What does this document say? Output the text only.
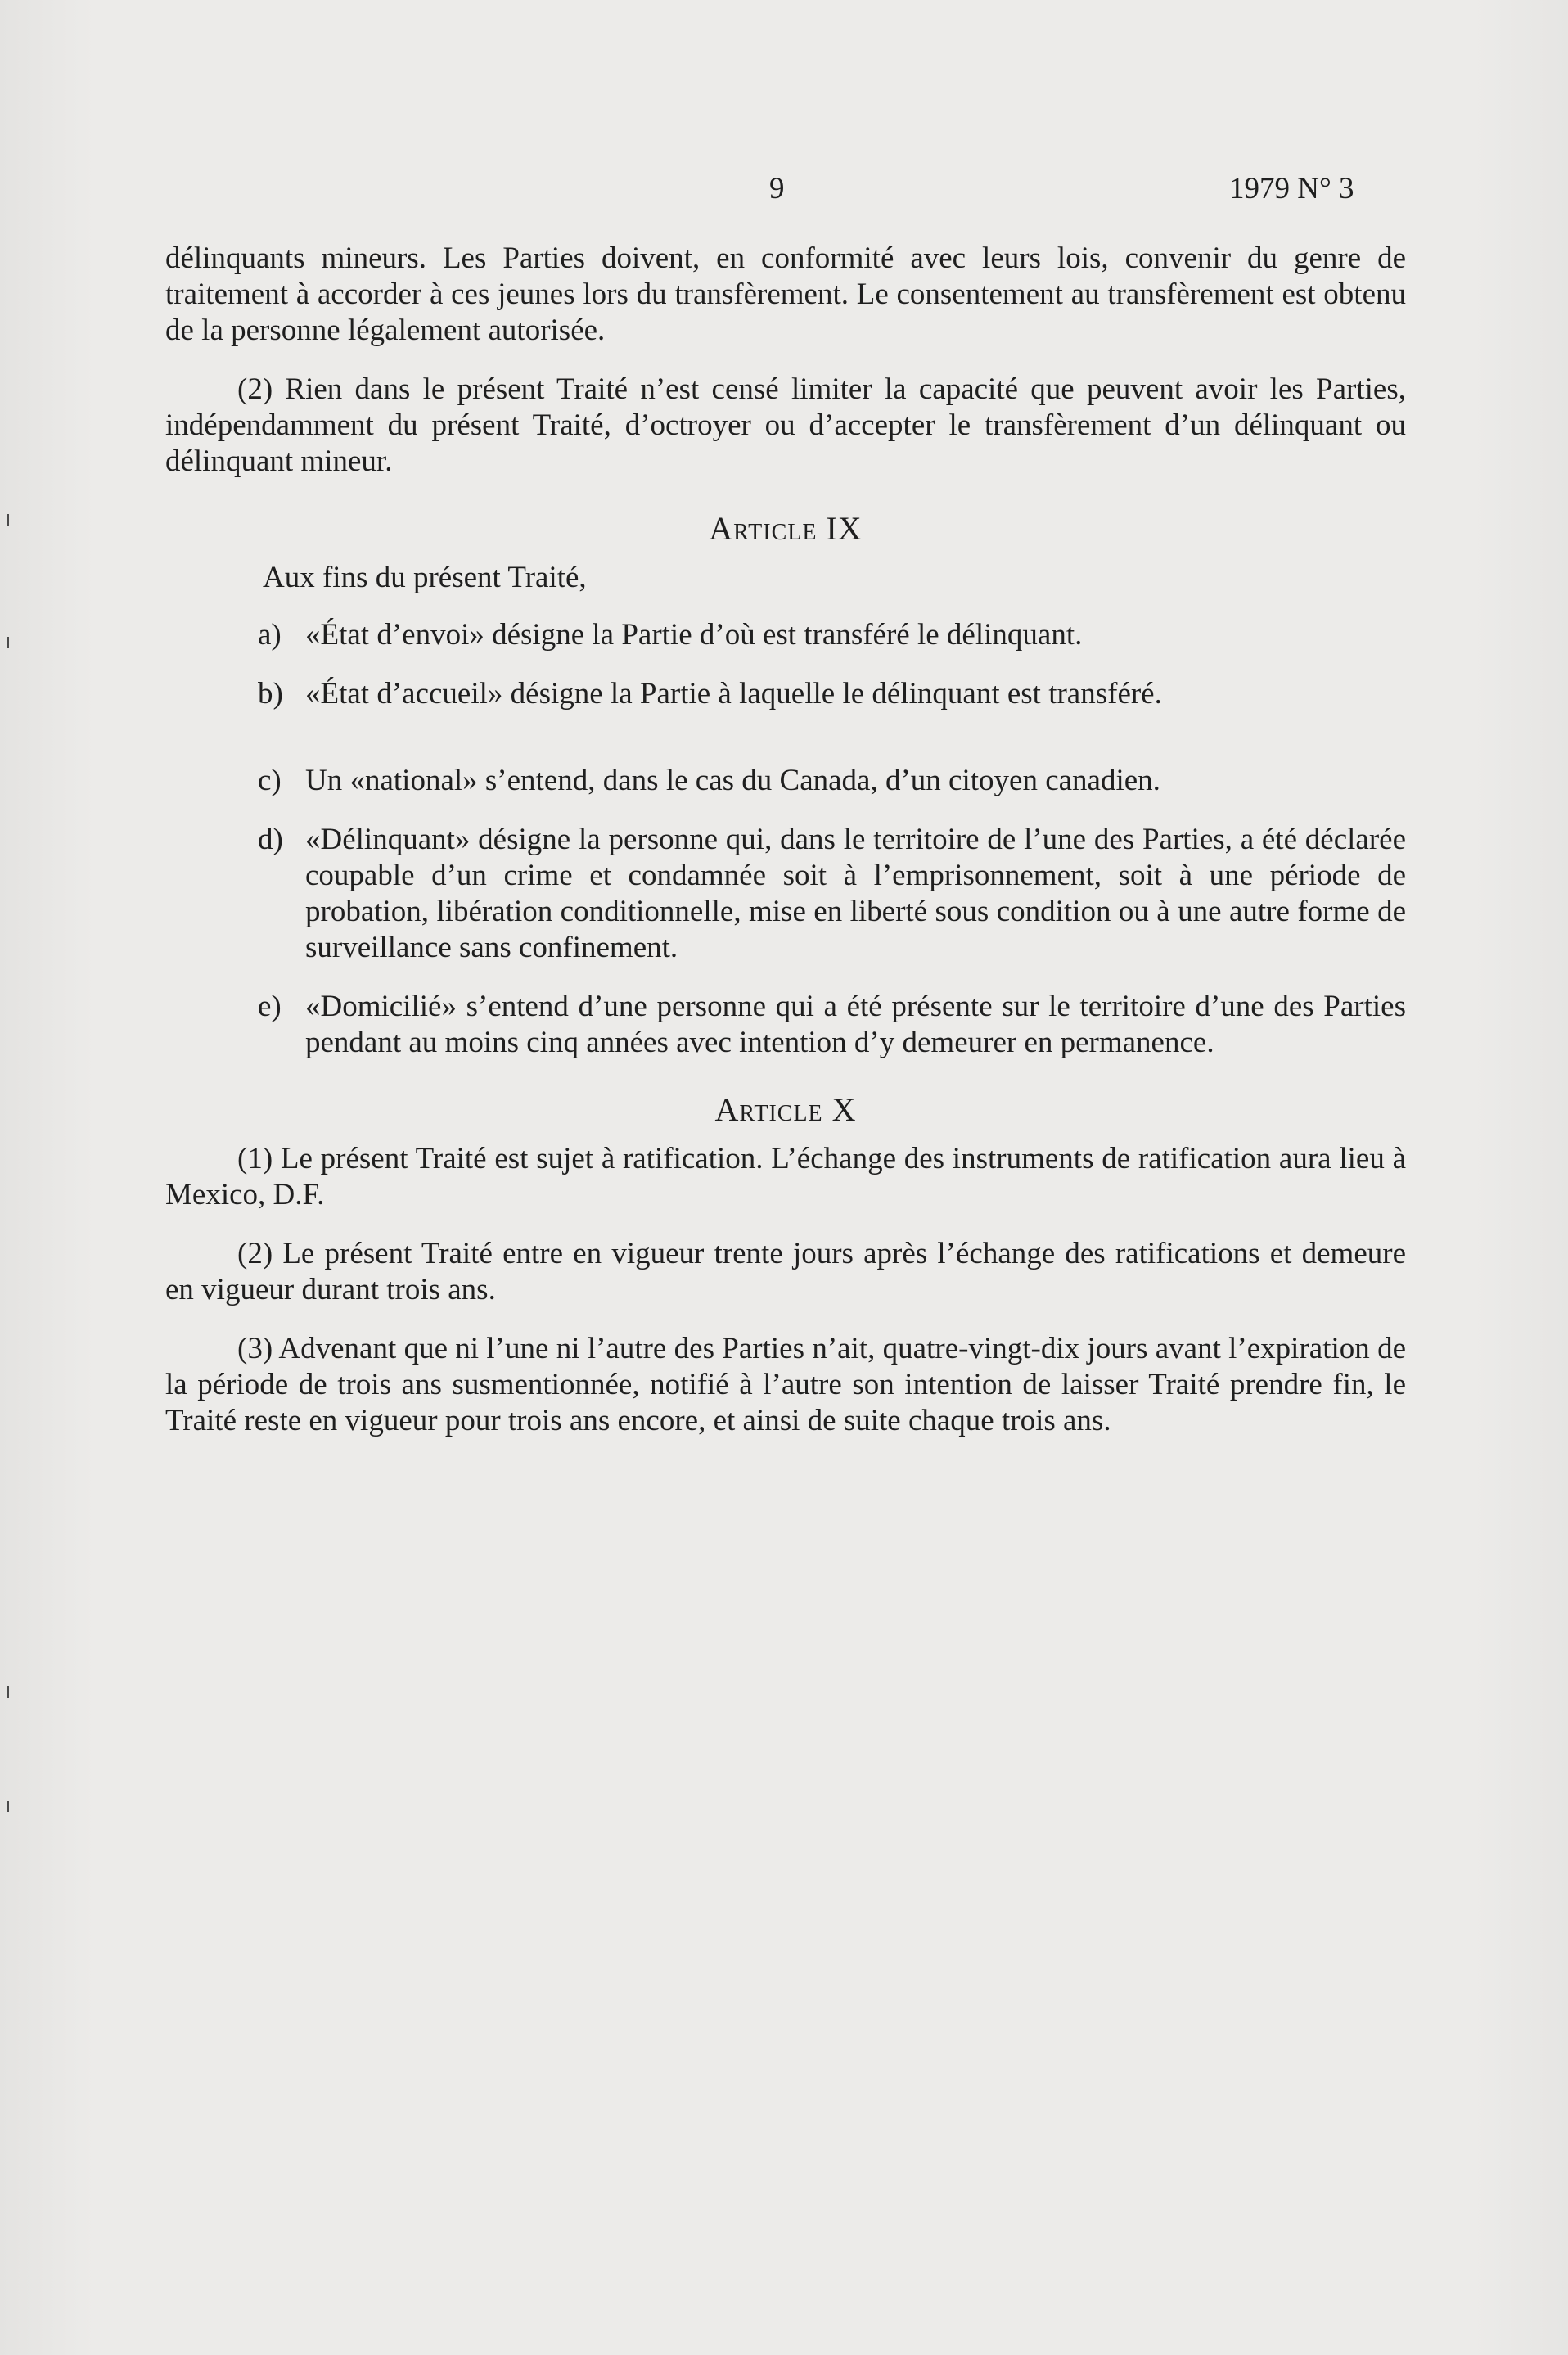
9	1979 N° 3

délinquants mineurs. Les Parties doivent, en conformité avec leurs lois, convenir du genre de traitement à accorder à ces jeunes lors du transfèrement. Le consentement au transfèrement est obtenu de la personne légalement autorisée.

(2) Rien dans le présent Traité n’est censé limiter la capacité que peuvent avoir les Parties, indépendamment du présent Traité, d’octroyer ou d’accepter le transfèrement d’un délinquant ou délinquant mineur.

Article IX
Aux fins du présent Traité,
a) «État d’envoi» désigne la Partie d’où est transféré le délinquant.
b) «État d’accueil» désigne la Partie à laquelle le délinquant est transféré.
c) Un «national» s’entend, dans le cas du Canada, d’un citoyen canadien.
d) «Délinquant» désigne la personne qui, dans le territoire de l’une des Parties, a été déclarée coupable d’un crime et condamnée soit à l’emprisonnement, soit à une période de probation, libération conditionnelle, mise en liberté sous condition ou à une autre forme de surveillance sans confinement.
e) «Domicilié» s’entend d’une personne qui a été présente sur le territoire d’une des Parties pendant au moins cinq années avec intention d’y demeurer en permanence.
Article X

(1) Le présent Traité est sujet à ratification. L’échange des instruments de ratification aura lieu à Mexico, D.F.

(2) Le présent Traité entre en vigueur trente jours après l’échange des ratifications et demeure en vigueur durant trois ans.

(3) Advenant que ni l’une ni l’autre des Parties n’ait, quatre-vingt-dix jours avant l’expiration de la période de trois ans susmentionnée, notifié à l’autre son intention de laisser Traité prendre fin, le Traité reste en vigueur pour trois ans encore, et ainsi de suite chaque trois ans.
